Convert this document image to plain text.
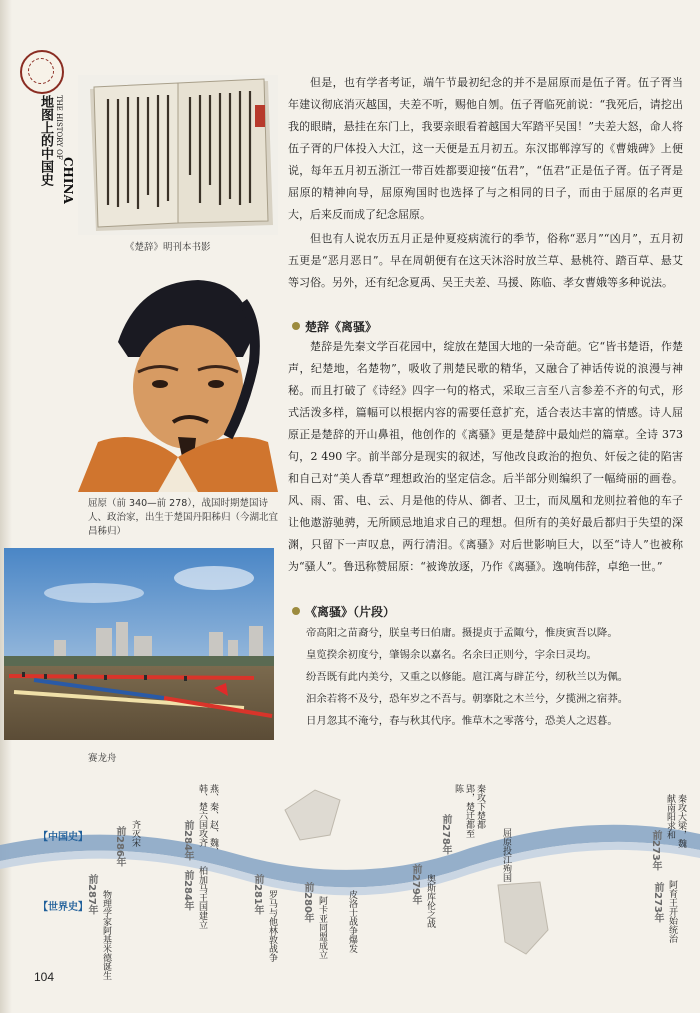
地图上的中国史 THE HISTORY OF
CHINA
《楚辞》明刊本书影
屈原（前 340—前 278），战国时期楚国诗人、政治家，出生于楚国丹阳秭归（今湖北宜昌秭归）
赛龙舟

但是，也有学者考证，端午节最初纪念的并不是屈原而是伍子胥。伍子胥当年建议彻底消灭越国，夫差不听，赐他自刎。伍子胥临死前说：“我死后，请挖出我的眼睛，悬挂在东门上，我要亲眼看着越国大军踏平吴国！”夫差大怒，命人将伍子胥的尸体投入大江，这一天便是五月初五。东汉邯郸淳写的《曹娥碑》上便说，每年五月初五浙江一带百姓都要迎接“伍君”，“伍君”正是伍子胥。伍子胥是屈原的精神向导，屈原殉国时也选择了与之相同的日子，而由于屈原的名声更大，后来反而成了纪念屈原。

但也有人说农历五月正是仲夏疫病流行的季节，俗称“恶月”“凶月”，五月初五更是“恶月恶日”。早在周朝便有在这天沐浴时放兰草、悬桃符、踏百草、悬艾等习俗。另外，还有纪念夏禹、吴王夫差、马援、陈临、孝女曹娥等多种说法。

楚辞《离骚》

楚辞是先秦文学百花园中，绽放在楚国大地的一朵奇葩。它“皆书楚语，作楚声，纪楚地，名楚物”，吸收了荆楚民歌的精华，又融合了神话传说的浪漫与神秘。而且打破了《诗经》四字一句的格式，采取三言至八言参差不齐的句式，形式活泼多样，篇幅可以根据内容的需要任意扩充，适合表达丰富的情感。诗人屈原正是楚辞的开山鼻祖，他创作的《离骚》更是楚辞中最灿烂的篇章。全诗 373 句，2 490 字。前半部分是现实的叙述，写他改良政治的抱负、奸佞之徒的陷害和自己对“美人香草”理想政治的坚定信念。后半部分则编织了一幅绮丽的画卷。风、雨、雷、电、云、月是他的侍从、御者、卫士，而凤凰和龙则拉着他的车子让他遨游驰骋，无所顾忌地追求自己的理想。但所有的美好最后都归于失望的深渊，只留下一声叹息，两行清泪。《离骚》对后世影响巨大，以至“诗人”也被称为“骚人”。鲁迅称赞屈原：“被谗放逐，乃作《离骚》。逸响伟辞，卓绝一世。”

《离骚》（片段）
帝高阳之苗裔兮，朕皇考曰伯庸。摄提贞于孟陬兮，惟庚寅吾以降。
皇览揆余初度兮，肇锡余以嘉名。名余曰正则兮，字余曰灵均。
纷吾既有此内美兮，又重之以修能。扈江离与辟芷兮，纫秋兰以为佩。
汩余若将不及兮，恐年岁之不吾与。朝搴阰之木兰兮，夕揽洲之宿莽。
日月忽其不淹兮，春与秋其代序。惟草木之零落兮，恐美人之迟暮。
【中国史】
【世界史】
前286年 齐灭宋	前284年	燕、秦、赵、魏、韩、楚六国攻齐	前278年
秦攻下楚都郢，楚迁都至陈
屈原投江殉国	前273年
秦攻大梁，魏献南阳求和
前287年 物理学家阿基米德诞生	前284年 柏加马王国建立	前281年 罗马与他林敦战争	前280年 阿卡亚同盟成立 皮洛士战争爆发
前279年 奥斯库伦之战	前273年 阿育王开始统治
104
